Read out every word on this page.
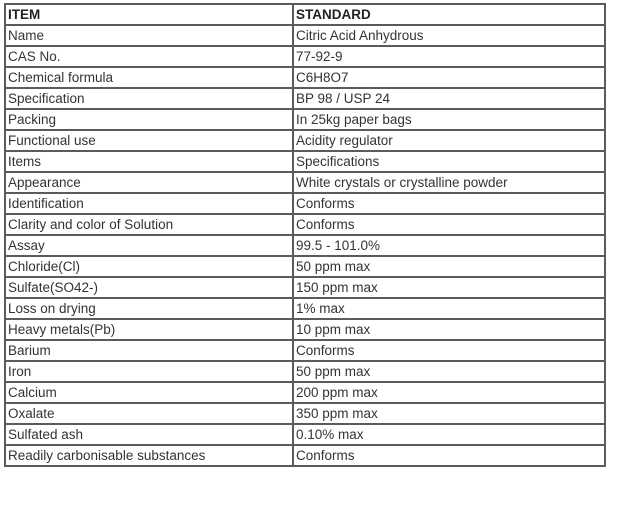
ITEM	STANDARD
Name	Citric Acid Anhydrous
CAS No.	77-92-9
Chemical formula	C6H8O7
Specification	BP 98 / USP 24
Packing	In 25kg paper bags
Functional use	Acidity regulator
Items	Specifications
Appearance	White crystals or crystalline powder
Identification	Conforms
Clarity and color of Solution	Conforms
Assay	99.5 - 101.0%
Chloride(Cl)	50 ppm max
Sulfate(SO42-)	150 ppm max
Loss on drying	1% max
Heavy metals(Pb)	10 ppm max
Barium	Conforms
Iron	50 ppm max
Calcium	200 ppm max
Oxalate	350 ppm max
Sulfated ash	0.10% max
Readily carbonisable substances	Conforms
